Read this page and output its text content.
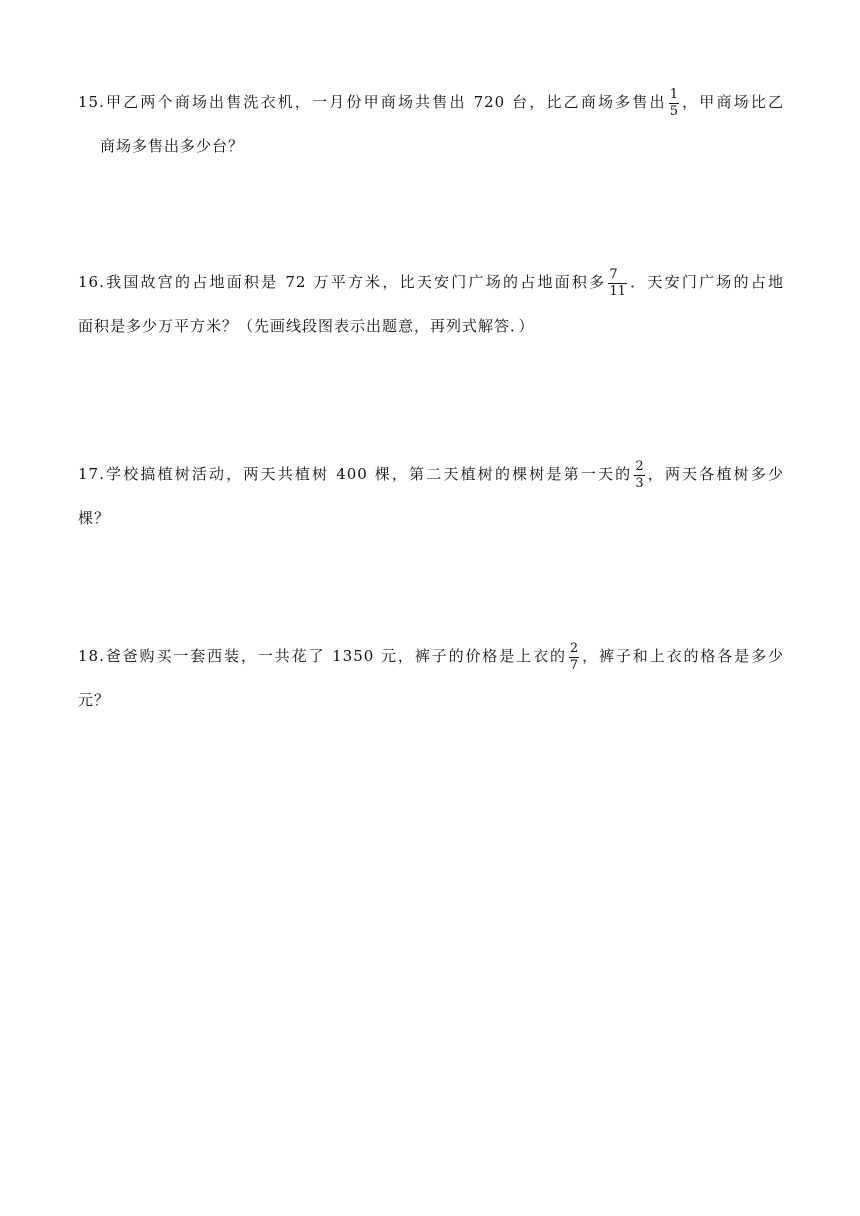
15.甲乙两个商场出售洗衣机，一月份甲商场共售出 720 台，比乙商场多售出 $\frac{1}{5}$ ，甲商场比乙
商场多售出多少台？
16.我国故宫的占地面积是 72 万平方米，比天安门广场的占地面积多 $\frac{7}{11}$ ．天安门广场的占地
面积是多少万平方米？（先画线段图表示出题意，再列式解答．）
17.学校搞植树活动，两天共植树 400 棵，第二天植树的棵树是第一天的 $\frac{2}{3}$ ，两天各植树多少
棵？
18.爸爸购买一套西装，一共花了 1350 元，裤子的价格是上衣的 $\frac{2}{7}$ ，裤子和上衣的格各是多少
元？
